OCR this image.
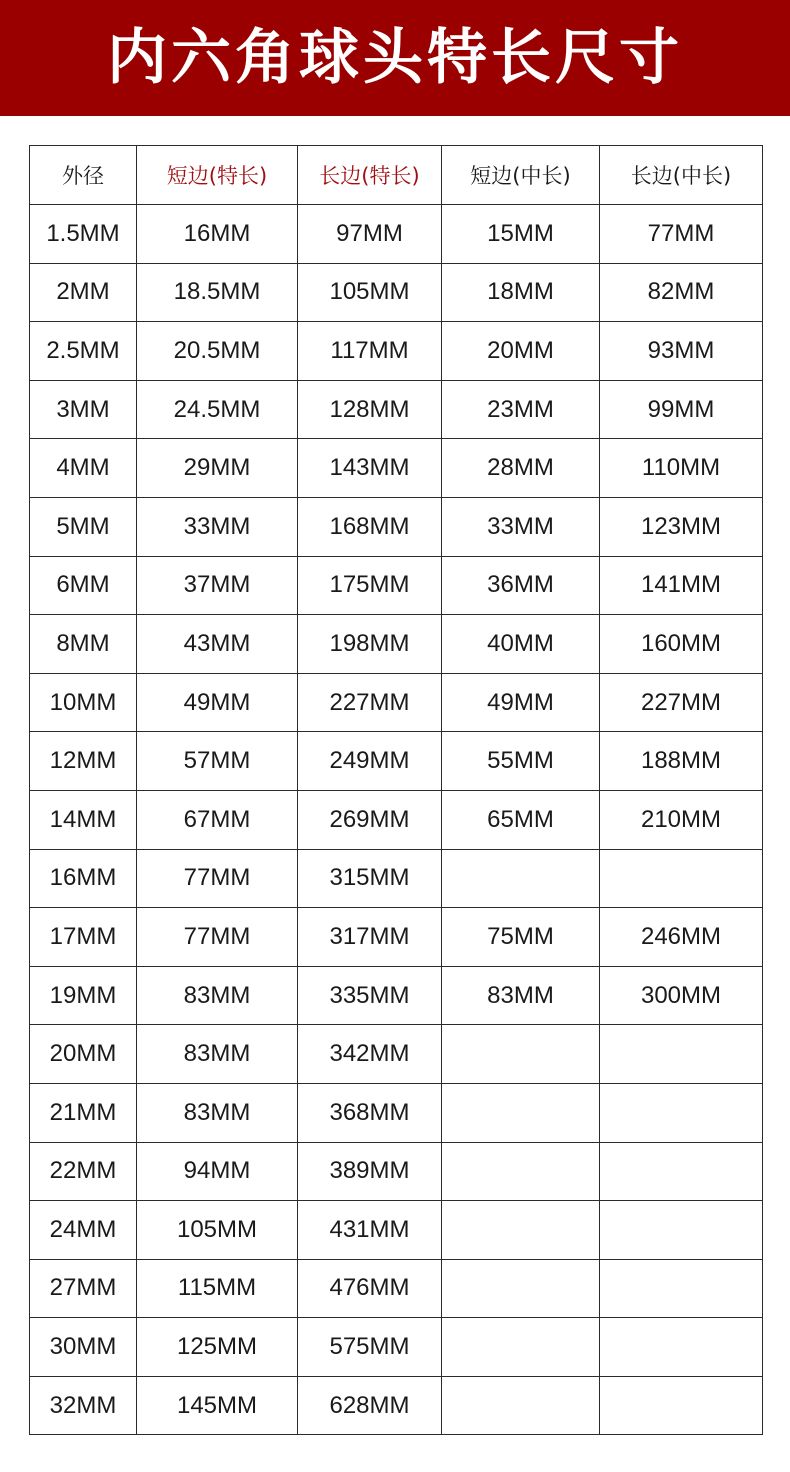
内六角球头特长尺寸
外径	短边(特长)	长边(特长)	短边(中长)	长边(中长)
1.5MM	16MM	97MM	15MM	77MM
2MM	18.5MM	105MM	18MM	82MM
2.5MM	20.5MM	117MM	20MM	93MM
3MM	24.5MM	128MM	23MM	99MM
4MM	29MM	143MM	28MM	110MM
5MM	33MM	168MM	33MM	123MM
6MM	37MM	175MM	36MM	141MM
8MM	43MM	198MM	40MM	160MM
10MM	49MM	227MM	49MM	227MM
12MM	57MM	249MM	55MM	188MM
14MM	67MM	269MM	65MM	210MM
16MM	77MM	315MM		
17MM	77MM	317MM	75MM	246MM
19MM	83MM	335MM	83MM	300MM
20MM	83MM	342MM		
21MM	83MM	368MM		
22MM	94MM	389MM		
24MM	105MM	431MM		
27MM	115MM	476MM		
30MM	125MM	575MM		
32MM	145MM	628MM		
